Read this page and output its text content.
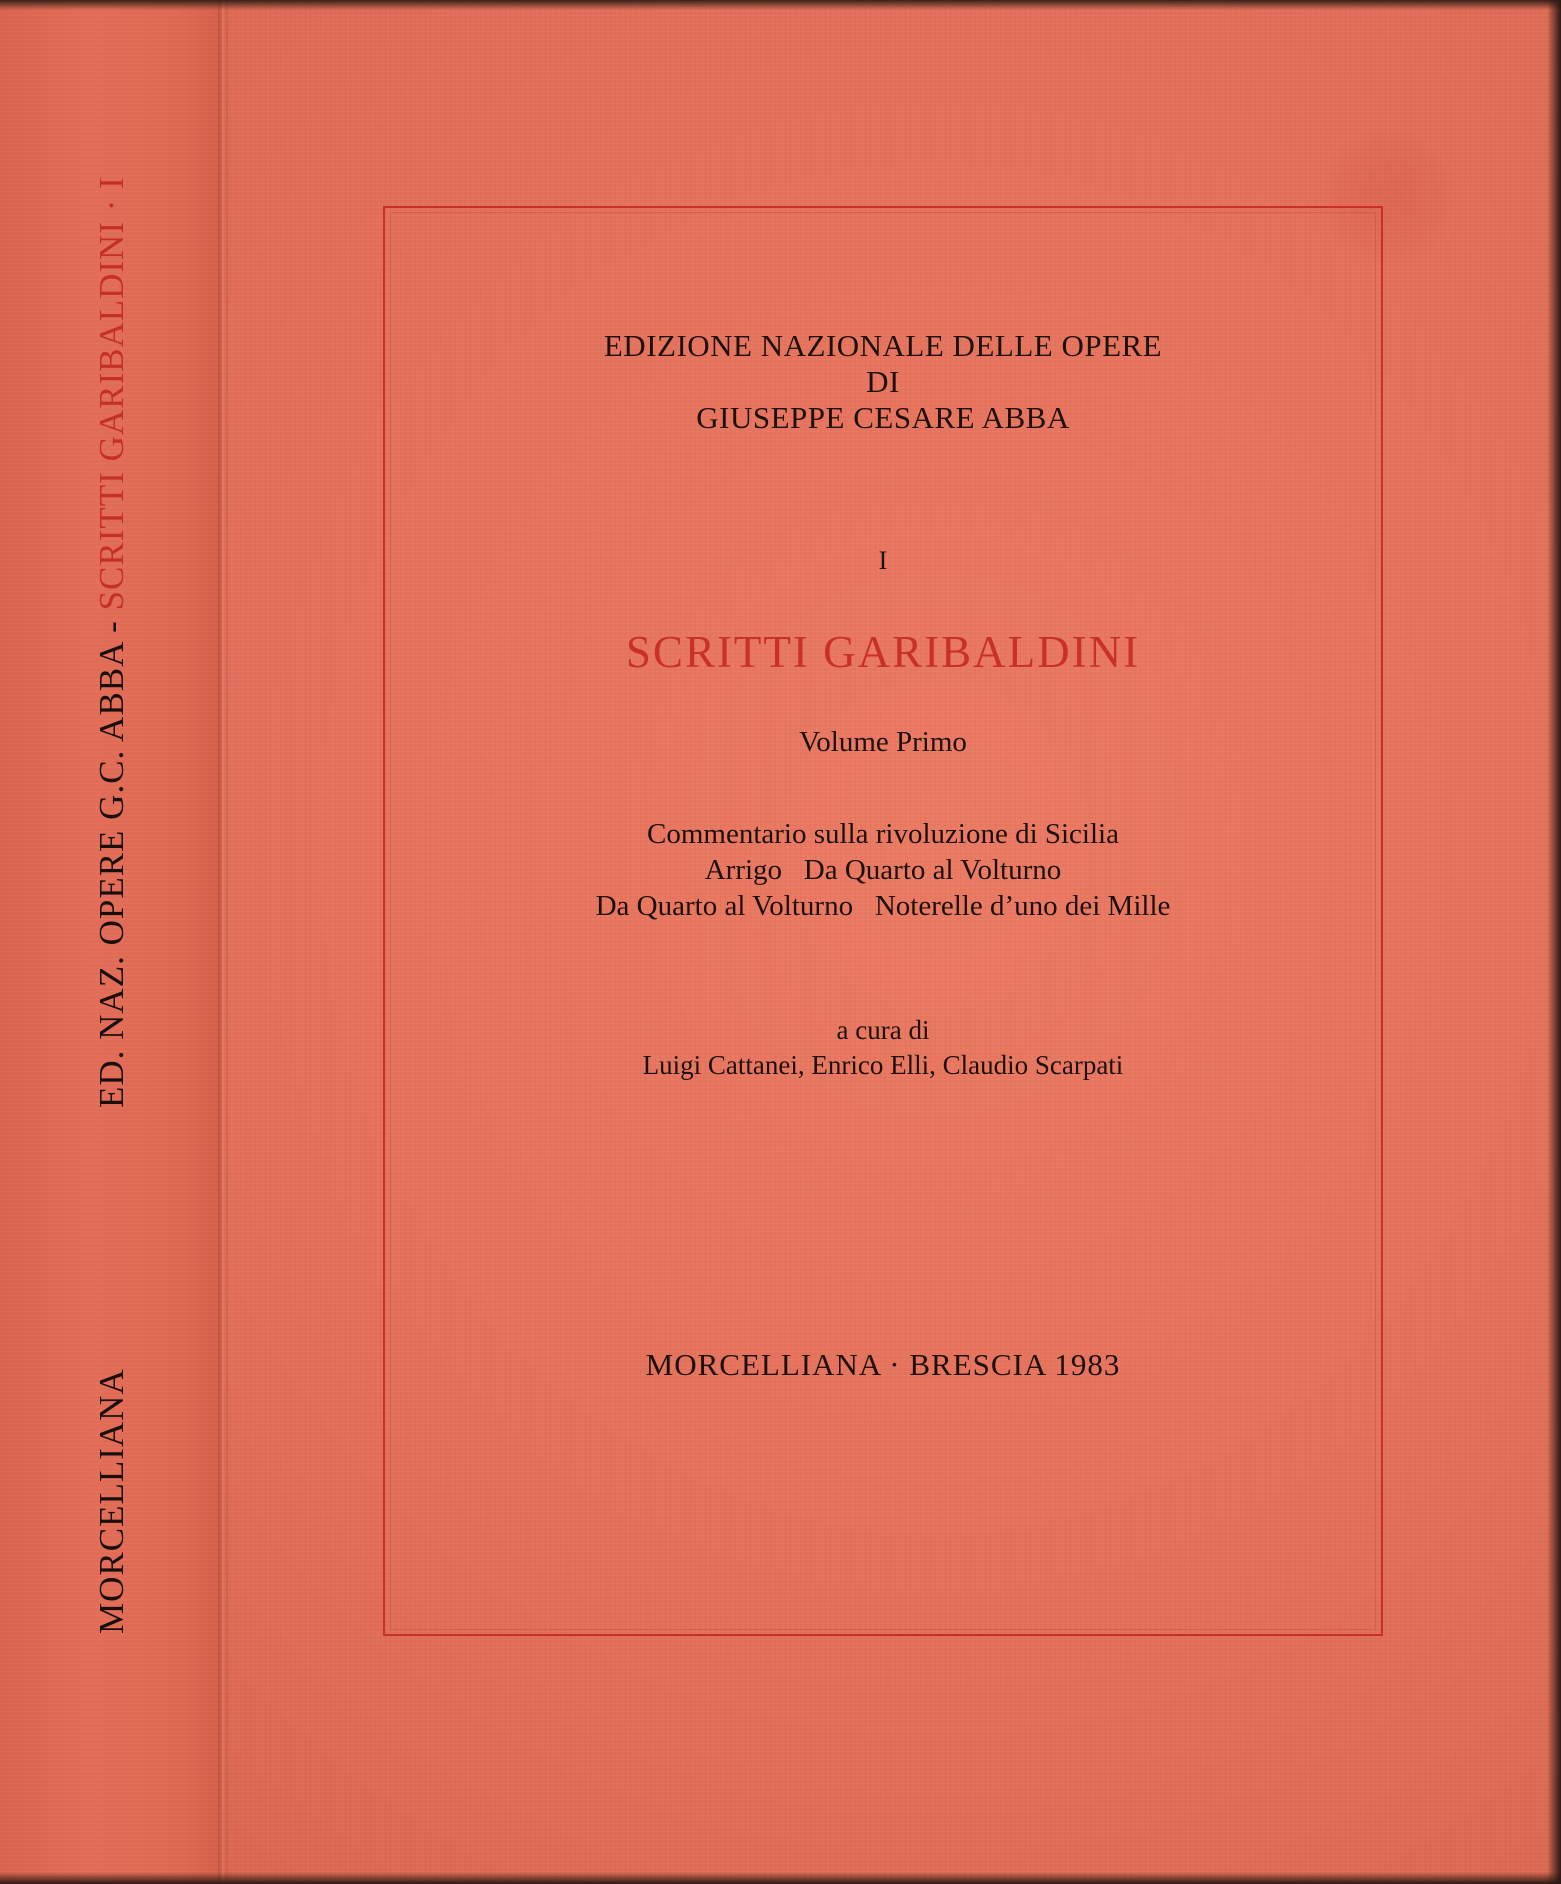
ED. NAZ. OPERE G.C. ABBA - SCRITTI GARIBALDINI · I
MORCELLIANA
EDIZIONE NAZIONALE DELLE OPERE
DI
GIUSEPPE CESARE ABBA
I
SCRITTI GARIBALDINI
Volume Primo
Commentario sulla rivoluzione di Sicilia
Arrigo   Da Quarto al Volturno
Da Quarto al Volturno   Noterelle d’uno dei Mille
a cura di
Luigi Cattanei, Enrico Elli, Claudio Scarpati
MORCELLIANA · BRESCIA 1983
